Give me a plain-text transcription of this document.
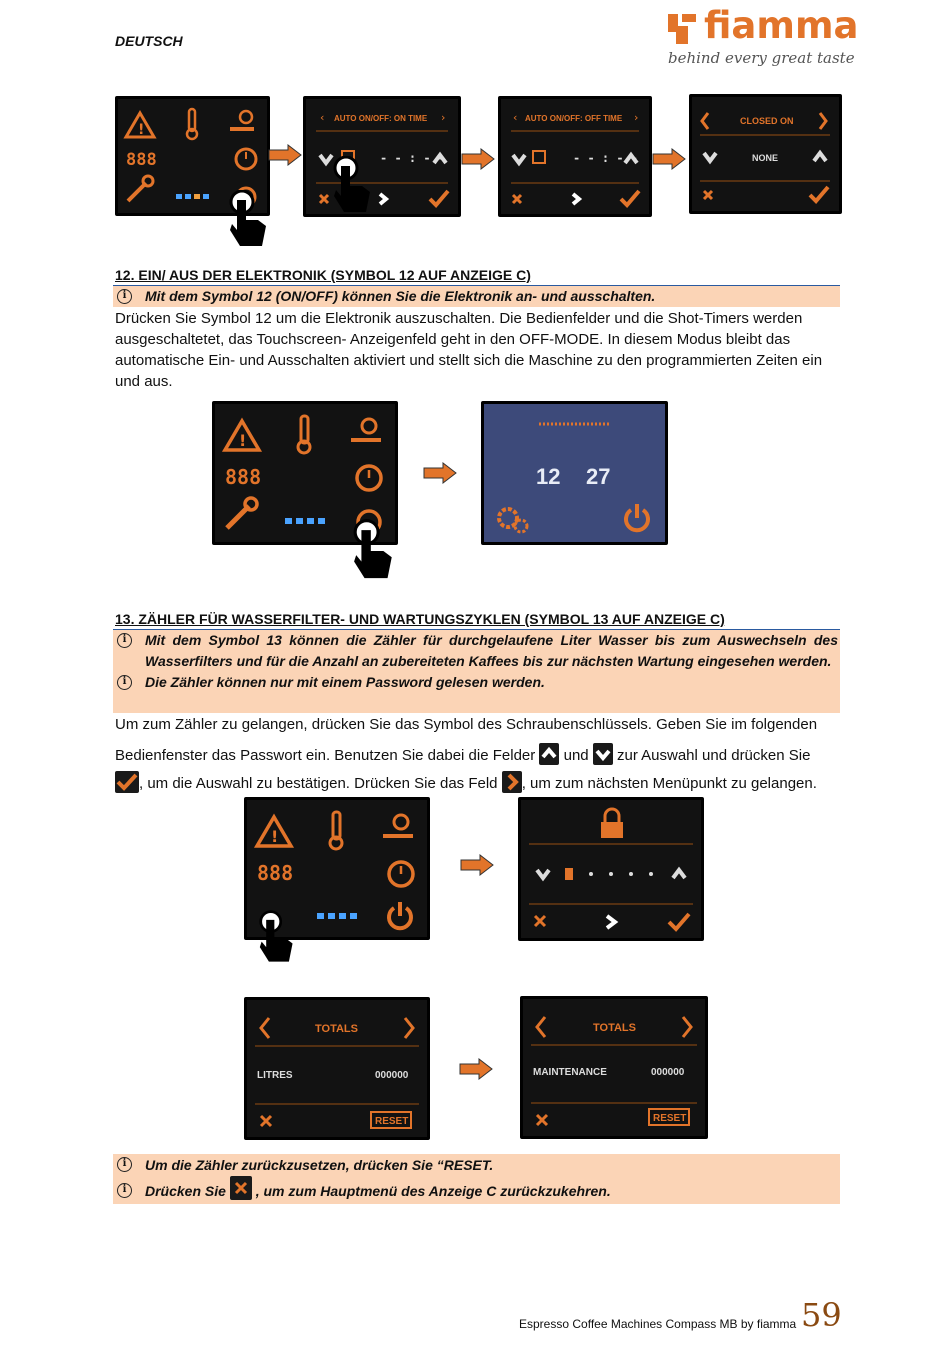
DEUTSCH	fiamma
behind every great taste
!
888
‹ AUTO ON/OFF: ON TIME ›
- - : - -
‹ AUTO ON/OFF: OFF TIME ›
- - : - -
CLOSED ON
NONE
12. EIN/ AUS DER ELEKTRONIK (SYMBOL 12 AUF ANZEIGE C)
i	Mit dem Symbol 12 (ON/OFF) können Sie die Elektronik an- und ausschalten.
Drücken Sie Symbol 12 um die Elektronik auszuschalten. Die Bedienfelder und die Shot-Timers werden ausgeschaltetet, das Touchscreen- Anzeigenfeld geht in den OFF-MODE. In diesem Modus bleibt das automatische Ein- und Ausschalten aktiviert und stellt sich die Maschine zu den programmierten Zeiten ein und aus.
!
888	12 27
13. ZÄHLER FÜR WASSERFILTER- UND WARTUNGSZYKLEN (SYMBOL 13 AUF ANZEIGE C)
i	Mit dem Symbol 13 können die Zähler für durchgelaufene Liter Wasser bis zum Auswechseln des Wasserfilters und für die Anzahl an zubereiteten Kaffees bis zur nächsten Wartung eingesehen werden.
i	Die Zähler können nur mit einem Password gelesen werden.
Um zum Zähler zu gelangen, drücken Sie das Symbol des Schraubenschlüssels. Geben Sie im folgenden
Bedienfenster das Passwort ein. Benutzen Sie dabei die Felder und zur Auswahl und drücken Sie
, um die Auswahl zu bestätigen. Drücken Sie das Feld , um zum nächsten Menüpunkt zu gelangen.
!
888
TOTALS
LITRES	000000
RESET
TOTALS
MAINTENANCE	000000
RESET
i	Um die Zähler zurückzusetzen, drücken Sie “RESET.
i	Drücken Sie , um zum Hauptmenü des Anzeige C zurückzukehren.
Espresso Coffee Machines Compass MB by fiamma 59
